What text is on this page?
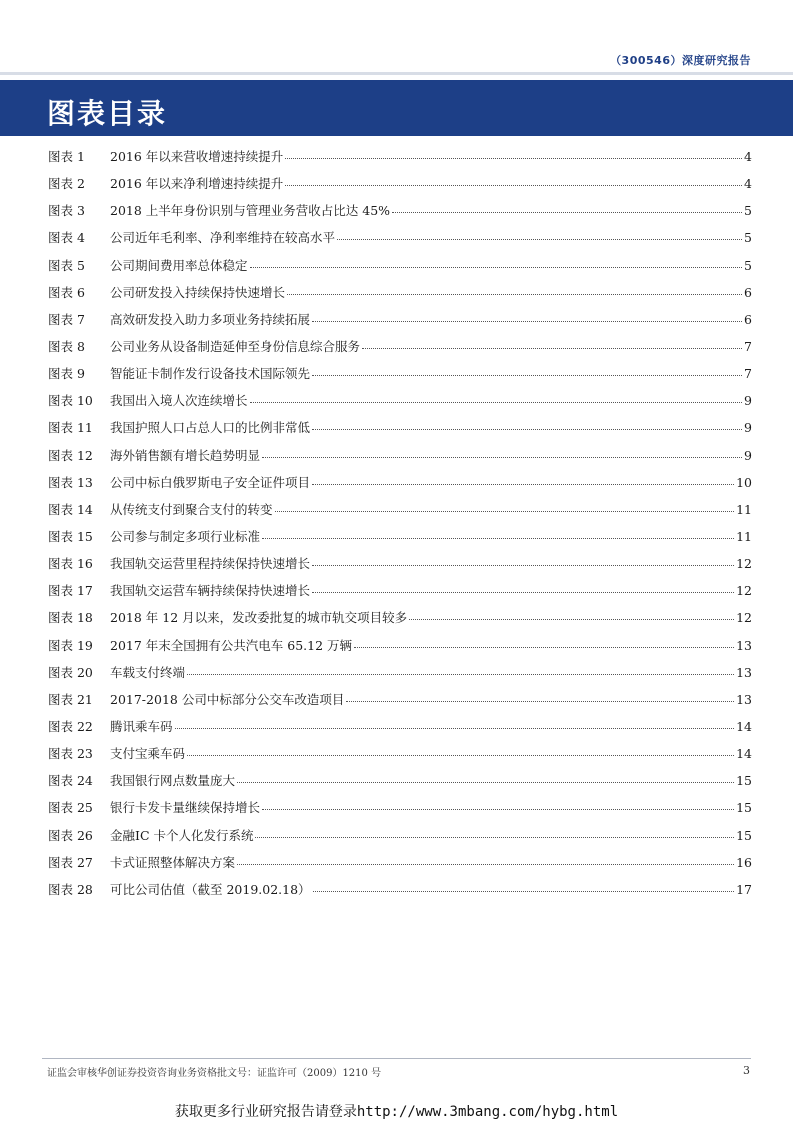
（300546）深度研究报告
图表目录
图表 1	2016 年以来营收增速持续提升	4
图表 2	2016 年以来净利增速持续提升	4
图表 3	2018 上半年身份识别与管理业务营收占比达 45%	5
图表 4	公司近年毛利率、净利率维持在较高水平	5
图表 5	公司期间费用率总体稳定	5
图表 6	公司研发投入持续保持快速增长	6
图表 7	高效研发投入助力多项业务持续拓展	6
图表 8	公司业务从设备制造延伸至身份信息综合服务	7
图表 9	智能证卡制作发行设备技术国际领先	7
图表 10	我国出入境人次连续增长	9
图表 11	我国护照人口占总人口的比例非常低	9
图表 12	海外销售额有增长趋势明显	9
图表 13	公司中标白俄罗斯电子安全证件项目	10
图表 14	从传统支付到聚合支付的转变	11
图表 15	公司参与制定多项行业标准	11
图表 16	我国轨交运营里程持续保持快速增长	12
图表 17	我国轨交运营车辆持续保持快速增长	12
图表 18	2018 年 12 月以来，发改委批复的城市轨交项目较多	12
图表 19	2017 年末全国拥有公共汽电车 65.12 万辆	13
图表 20	车载支付终端	13
图表 21	2017-2018 公司中标部分公交车改造项目	13
图表 22	腾讯乘车码	14
图表 23	支付宝乘车码	14
图表 24	我国银行网点数量庞大	15
图表 25	银行卡发卡量继续保持增长	15
图表 26	金融IC 卡个人化发行系统	15
图表 27	卡式证照整体解决方案	16
图表 28	可比公司估值（截至 2019.02.18）	17
证监会审核华创证券投资咨询业务资格批文号：证监许可（2009）1210 号	3
获取更多行业研究报告请登录http://www.3mbang.com/hybg.html
